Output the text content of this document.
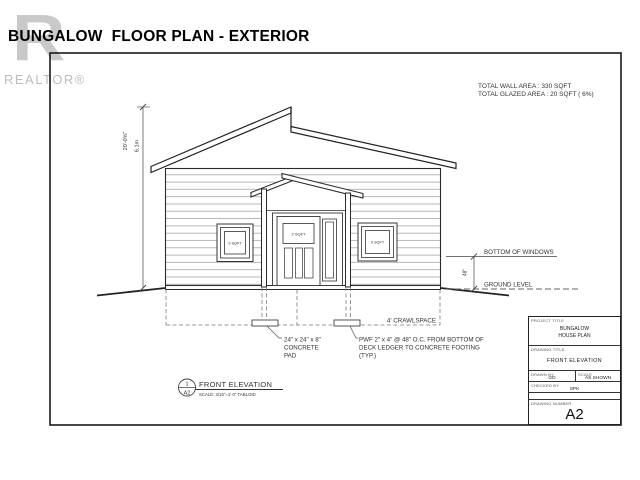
R
REALTOR®
BUNGALOW  FLOOR PLAN - EXTERIOR
TOTAL WALL AREA : 330 SQFT
TOTAL GLAZED AREA : 20 SQFT ( 6%)
2 SQFT
9 SQFT	9 SQFT
24" x 24" x 8"
CONCRETE
PAD
PWF 2" x 4" @ 48" O.C. FROM BOTTOM OF
DECK LEDGER TO CONCRETE FOOTING
(TYP.)
4' CRAWLSPACE
BOTTOM OF WINDOWS
GROUND LEVEL
48"
20'-0⅝" 6.1m
1
A2
FRONT ELEVATION
SCALE: 3/16"=1'-0" TABLOID
PROJECT TITLE
BUNGALOW
HOUSE PLAN
DRAWING TITLE
FRONT ELEVATION
DRAWN BY
GD
SCALE
AS SHOWN
CHECKED BY
SPK
DRAWING NUMBER
A2
